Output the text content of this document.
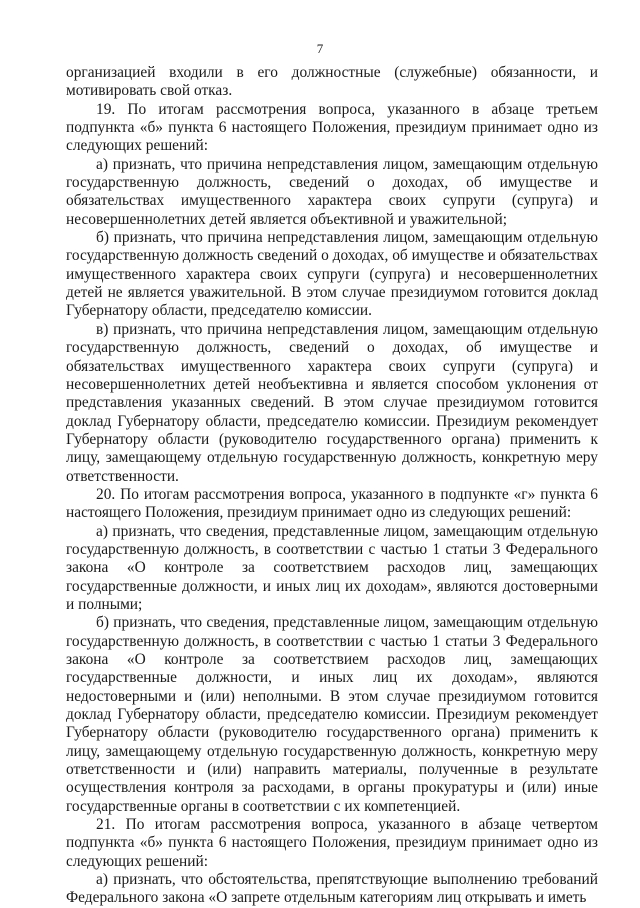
7

организацией входили в его должностные (служебные) обязанности, и мотивировать свой отказ.

19. По итогам рассмотрения вопроса, указанного в абзаце третьем подпункта «б» пункта 6 настоящего Положения, президиум принимает одно из следующих решений:

а) признать, что причина непредставления лицом, замещающим отдельную государственную должность, сведений о доходах, об имуществе и обязательствах имущественного характера своих супруги (супруга) и несовершеннолетних детей является объективной и уважительной;

б) признать, что причина непредставления лицом, замещающим отдельную государственную должность сведений о доходах, об имуществе и обязательствах имущественного характера своих супруги (супруга) и несовершеннолетних детей не является уважительной. В этом случае президиумом готовится доклад Губернатору области, председателю комиссии.

в) признать, что причина непредставления лицом, замещающим отдельную государственную должность, сведений о доходах, об имуществе и обязательствах имущественного характера своих супруги (супруга) и несовершеннолетних детей необъективна и является способом уклонения от представления указанных сведений. В этом случае президиумом готовится доклад Губернатору области, председателю комиссии. Президиум рекомендует Губернатору области (руководителю государственного органа) применить к лицу, замещающему отдельную государственную должность, конкретную меру ответственности.

20. По итогам рассмотрения вопроса, указанного в подпункте «г» пункта 6 настоящего Положения, президиум принимает одно из следующих решений:

а) признать, что сведения, представленные лицом, замещающим отдельную государственную должность, в соответствии с частью 1 статьи 3 Федерального закона «О контроле за соответствием расходов лиц, замещающих государственные должности, и иных лиц их доходам», являются достоверными и полными;

б) признать, что сведения, представленные лицом, замещающим отдельную государственную должность, в соответствии с частью 1 статьи 3 Федерального закона «О контроле за соответствием расходов лиц, замещающих государственные должности, и иных лиц их доходам», являются недостоверными и (или) неполными. В этом случае президиумом готовится доклад Губернатору области, председателю комиссии. Президиум рекомендует Губернатору области (руководителю государственного органа) применить к лицу, замещающему отдельную государственную должность, конкретную меру ответственности и (или) направить материалы, полученные в результате осуществления контроля за расходами, в органы прокуратуры и (или) иные государственные органы в соответствии с их компетенцией.

21. По итогам рассмотрения вопроса, указанного в абзаце четвертом подпункта «б» пункта 6 настоящего Положения, президиум принимает одно из следующих решений:

а) признать, что обстоятельства, препятствующие выполнению требований Федерального закона «О запрете отдельным категориям лиц открывать и иметь
